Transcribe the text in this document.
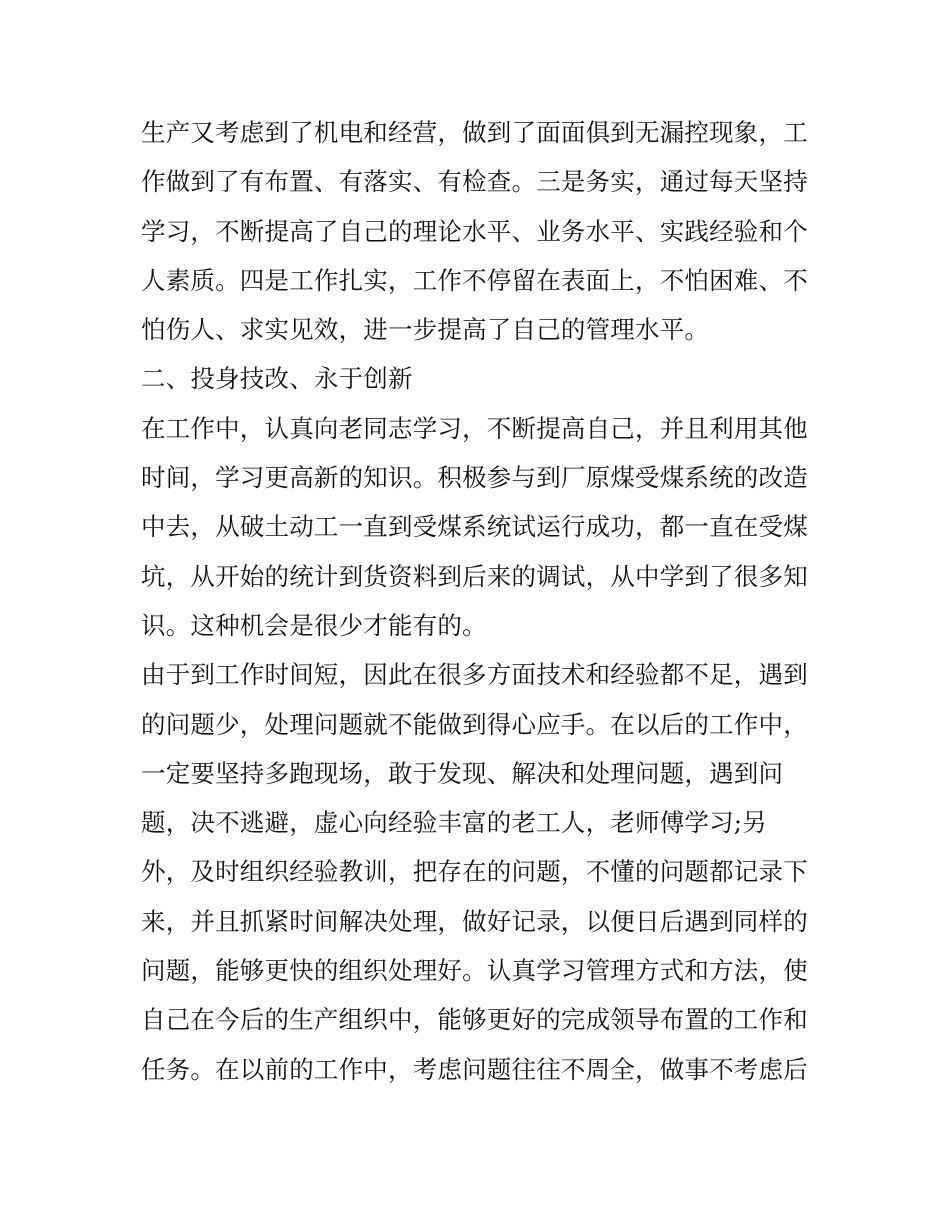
生产又考虑到了机电和经营，做到了面面俱到无漏控现象，工
作做到了有布置、有落实、有检查。三是务实，通过每天坚持
学习，不断提高了自己的理论水平、业务水平、实践经验和个
人素质。四是工作扎实，工作不停留在表面上，不怕困难、不
怕伤人、求实见效，进一步提高了自己的管理水平。
二、投身技改、永于创新
在工作中，认真向老同志学习，不断提高自己，并且利用其他
时间，学习更高新的知识。积极参与到厂原煤受煤系统的改造
中去，从破土动工一直到受煤系统试运行成功，都一直在受煤
坑，从开始的统计到货资料到后来的调试，从中学到了很多知
识。这种机会是很少才能有的。
由于到工作时间短，因此在很多方面技术和经验都不足，遇到
的问题少，处理问题就不能做到得心应手。在以后的工作中，
一定要坚持多跑现场，敢于发现、解决和处理问题，遇到问
题，决不逃避，虚心向经验丰富的老工人，老师傅学习;另
外，及时组织经验教训，把存在的问题，不懂的问题都记录下
来，并且抓紧时间解决处理，做好记录，以便日后遇到同样的
问题，能够更快的组织处理好。认真学习管理方式和方法，使
自己在今后的生产组织中，能够更好的完成领导布置的工作和
任务。在以前的工作中，考虑问题往往不周全，做事不考虑后
